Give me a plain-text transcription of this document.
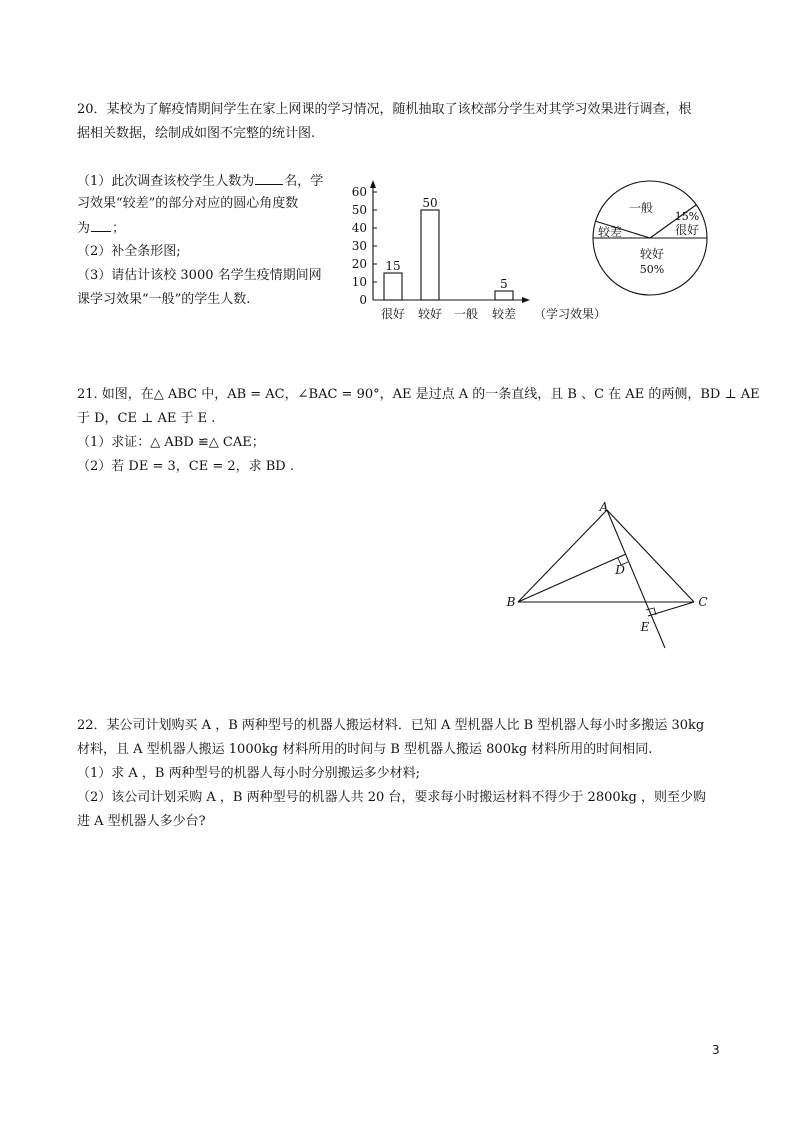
20．某校为了解疫情期间学生在家上网课的学习情况，随机抽取了该校部分学生对其学习效果进行调查，根
据相关数据，绘制成如图不完整的统计图.
（1）此次调查该校学生人数为 名，学
习效果“较差”的部分对应的圆心角度数
为 ；
（2）补全条形图;
（3）请估计该校 3000 名学生疫情期间网
课学习效果“一般”的学生人数.	0
10
20
30
40
50
60
15
很好
50
较好 一般
5
较差 （学习效果）
一般
15%
很好
较差
较好
50%
21. 如图，在△ ABC 中，AB = AC，∠BAC = 90°，AE 是过点 A 的一条直线，且 B 、C 在 AE 的两侧，BD ⊥ AE
于 D，CE ⊥ AE 于 E .
（1）求证：△ ABD ≌△ CAE；
（2）若 DE = 3，CE = 2，求 BD .
A
B	C
D
E
22．某公司计划购买 A ，B 两种型号的机器人搬运材料．已知 A 型机器人比 B 型机器人每小时多搬运 30kg
材料，且 A 型机器人搬运 1000kg 材料所用的时间与 B 型机器人搬运 800kg 材料所用的时间相同.
（1）求 A ，B 两种型号的机器人每小时分别搬运多少材料;
（2）该公司计划采购 A ，B 两种型号的机器人共 20 台，要求每小时搬运材料不得少于 2800kg ，则至少购
进 A 型机器人多少台?
3
